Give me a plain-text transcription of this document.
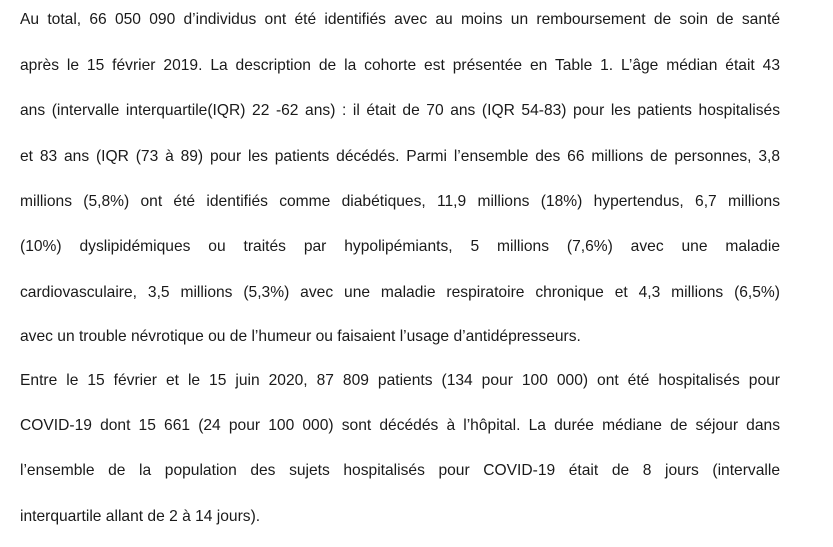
Au total, 66 050 090 d’individus ont été identifiés avec au moins un remboursement de soin de santé
après le 15 février 2019. La description de la cohorte est présentée en Table 1. L’âge médian était 43
ans (intervalle interquartile(IQR) 22 -62 ans) : il était de 70 ans (IQR 54-83) pour les patients hospitalisés
et 83 ans (IQR (73 à 89) pour les patients décédés. Parmi l’ensemble des 66 millions de personnes, 3,8
millions (5,8%) ont été identifiés comme diabétiques, 11,9 millions (18%) hypertendus, 6,7 millions
(10%) dyslipidémiques ou traités par hypolipémiants, 5 millions (7,6%) avec une maladie
cardiovasculaire, 3,5 millions (5,3%) avec une maladie respiratoire chronique et 4,3 millions (6,5%)
avec un trouble névrotique ou de l’humeur ou faisaient l’usage d’antidépresseurs.
Entre le 15 février et le 15 juin 2020, 87 809 patients (134 pour 100 000) ont été hospitalisés pour
COVID-19 dont 15 661 (24 pour 100 000) sont décédés à l’hôpital. La durée médiane de séjour dans
l’ensemble de la population des sujets hospitalisés pour COVID-19 était de 8 jours (intervalle
interquartile allant de 2 à 14 jours).
